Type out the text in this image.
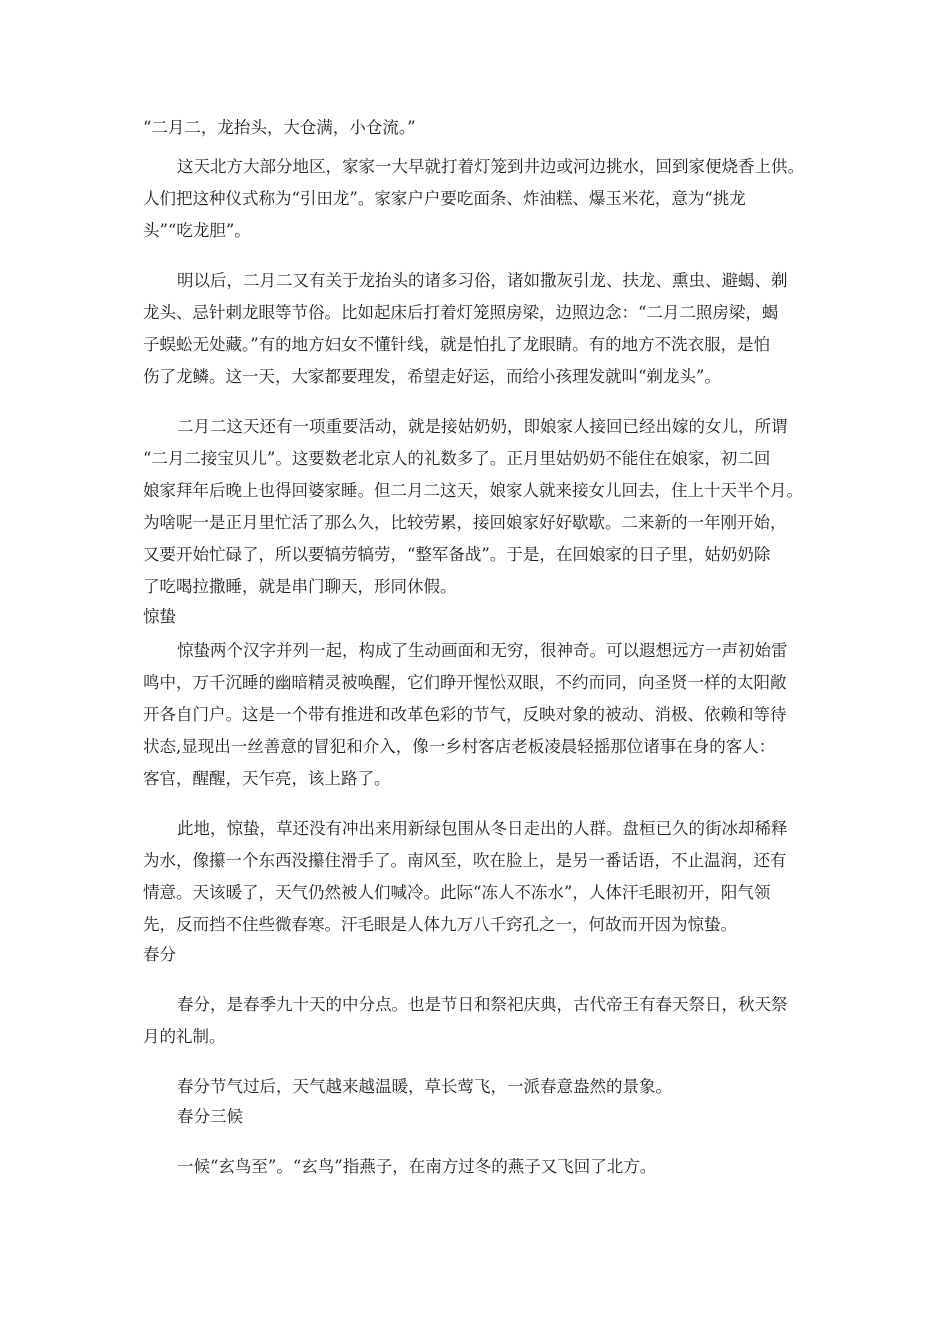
“二月二，龙抬头，大仓满，小仓流。”
这天北方大部分地区，家家一大早就打着灯笼到井边或河边挑水，回到家便烧香上供。
人们把这种仪式称为“引田龙”。家家户户要吃面条、炸油糕、爆玉米花，意为“挑龙
头”“吃龙胆”。
明以后，二月二又有关于龙抬头的诸多习俗，诸如撒灰引龙、扶龙、熏虫、避蝎、剃
龙头、忌针刺龙眼等节俗。比如起床后打着灯笼照房梁，边照边念：“二月二照房梁，蝎
子蜈蚣无处藏。”有的地方妇女不懂针线，就是怕扎了龙眼睛。有的地方不洗衣服，是怕
伤了龙鳞。这一天，大家都要理发，希望走好运，而给小孩理发就叫“剃龙头”。
二月二这天还有一项重要活动，就是接姑奶奶，即娘家人接回已经出嫁的女儿，所谓
“二月二接宝贝儿”。这要数老北京人的礼数多了。正月里姑奶奶不能住在娘家，初二回
娘家拜年后晚上也得回婆家睡。但二月二这天，娘家人就来接女儿回去，住上十天半个月。
为啥呢一是正月里忙活了那么久，比较劳累，接回娘家好好歇歇。二来新的一年刚开始，
又要开始忙碌了，所以要犒劳犒劳，“整军备战”。于是，在回娘家的日子里，姑奶奶除
了吃喝拉撒睡，就是串门聊天，形同休假。
惊蛰
惊蛰两个汉字并列一起，构成了生动画面和无穷，很神奇。可以遐想远方一声初始雷
鸣中，万千沉睡的幽暗精灵被唤醒，它们睁开惺忪双眼，不约而同，向圣贤一样的太阳敞
开各自门户。这是一个带有推进和改革色彩的节气，反映对象的被动、消极、依赖和等待
状态,显现出一丝善意的冒犯和介入，像一乡村客店老板凌晨轻摇那位诸事在身的客人：
客官，醒醒，天乍亮，该上路了。
此地，惊蛰，草还没有冲出来用新绿包围从冬日走出的人群。盘桓已久的街冰却稀释
为水，像攥一个东西没攥住滑手了。南风至，吹在脸上，是另一番话语，不止温润，还有
情意。天该暖了，天气仍然被人们喊冷。此际“冻人不冻水”，人体汗毛眼初开，阳气领
先，反而挡不住些微春寒。汗毛眼是人体九万八千窍孔之一，何故而开因为惊蛰。
春分
春分，是春季九十天的中分点。也是节日和祭祀庆典，古代帝王有春天祭日，秋天祭
月的礼制。
春分节气过后，天气越来越温暖，草长莺飞，一派春意盎然的景象。
春分三候
一候“玄鸟至”。“玄鸟”指燕子，在南方过冬的燕子又飞回了北方。
